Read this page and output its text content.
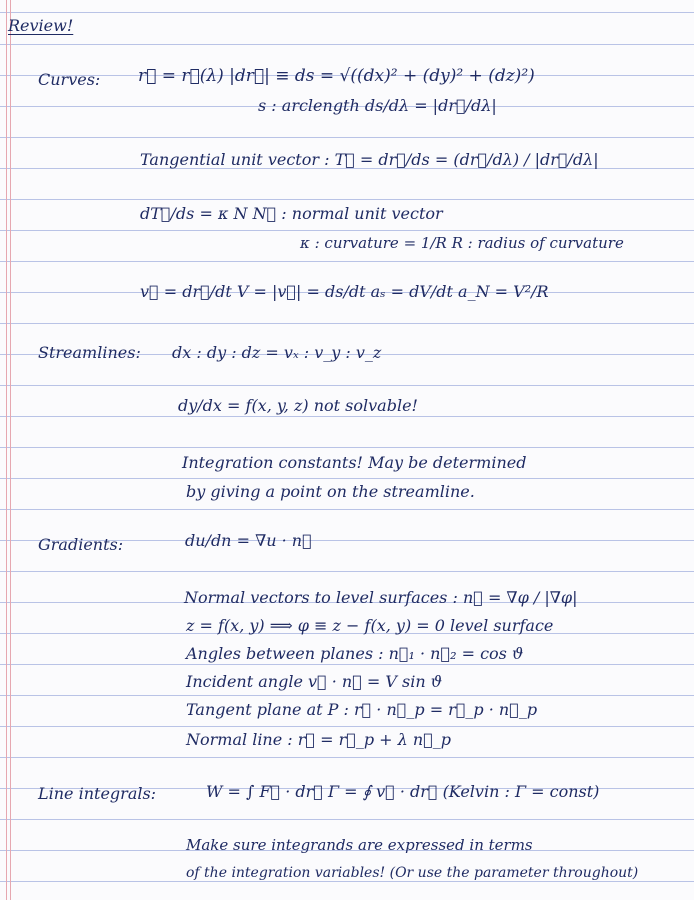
Review!
Curves: r⃗ = r⃗(λ) |dr⃗| ≡ ds = √((dx)² + (dy)² + (dz)²)
s : arclength ds/dλ = |dr⃗/dλ|
Tangential unit vector : T⃗ = dr⃗/ds = (dr⃗/dλ) / |dr⃗/dλ|
dT⃗/ds = κ N N⃗ : normal unit vector
κ : curvature = 1/R R : radius of curvature
v⃗ = dr⃗/dt V = |v⃗| = ds/dt aₛ = dV/dt a_N = V²/R
Streamlines: dx : dy : dz = vₓ : v_y : v_z
dy/dx = f(x, y, z) not solvable!
Integration constants! May be determined
by giving a point on the streamline.
Gradients:	du/dn = ∇u · n⃗
Normal vectors to level surfaces : n⃗ = ∇φ / |∇φ|
z = f(x, y) ⟹ φ ≡ z − f(x, y) = 0 level surface
Angles between planes : n⃗₁ · n⃗₂ = cos ϑ
Incident angle v⃗ · n⃗ = V sin ϑ
Tangent plane at P : r⃗ · n⃗_p = r⃗_p · n⃗_p
Normal line : r⃗ = r⃗_p + λ n⃗_p
Line integrals:	W = ∫ F⃗ · dr⃗ Γ = ∮ v⃗ · dr⃗ (Kelvin : Γ = const)
Make sure integrands are expressed in terms
of the integration variables! (Or use the parameter throughout)
